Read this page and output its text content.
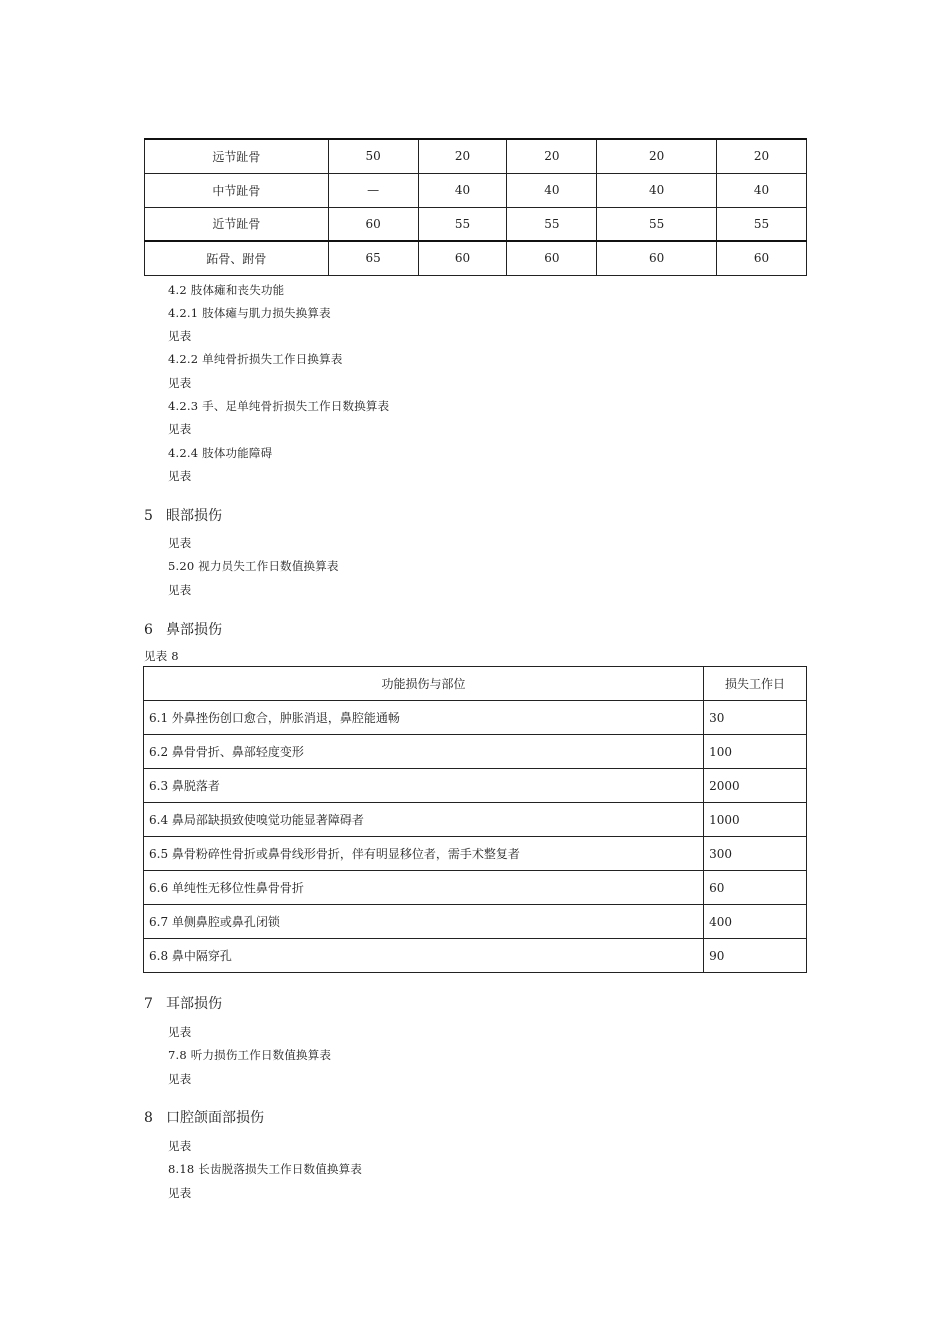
远节趾骨	50	20	20	20	20
中节趾骨	—	40	40	40	40
近节趾骨	60	55	55	55	55
跖骨、跗骨	65	60	60	60	60
4.2 肢体瘫和丧失功能
4.2.1 肢体瘫与肌力损失换算表
见表
4.2.2 单纯骨折损失工作日换算表
见表
4.2.3 手、足单纯骨折损失工作日数换算表
见表
4.2.4 肢体功能障碍
见表
5 眼部损伤
见表
5.20 视力员失工作日数值换算表
见表
6 鼻部损伤
见表 8
功能损伤与部位	损失工作日
6.1 外鼻挫伤创口愈合，肿胀消退，鼻腔能通畅	30
6.2 鼻骨骨折、鼻部轻度变形	100
6.3 鼻脱落者	2000
6.4 鼻局部缺损致使嗅觉功能显著障碍者	1000
6.5 鼻骨粉碎性骨折或鼻骨线形骨折，伴有明显移位者，需手术整复者	300
6.6 单纯性无移位性鼻骨骨折	60
6.7 单侧鼻腔或鼻孔闭锁	400
6.8 鼻中隔穿孔	90
7 耳部损伤
见表
7.8 听力损伤工作日数值换算表
见表
8 口腔颌面部损伤
见表
8.18 长齿脱落损失工作日数值换算表
见表
